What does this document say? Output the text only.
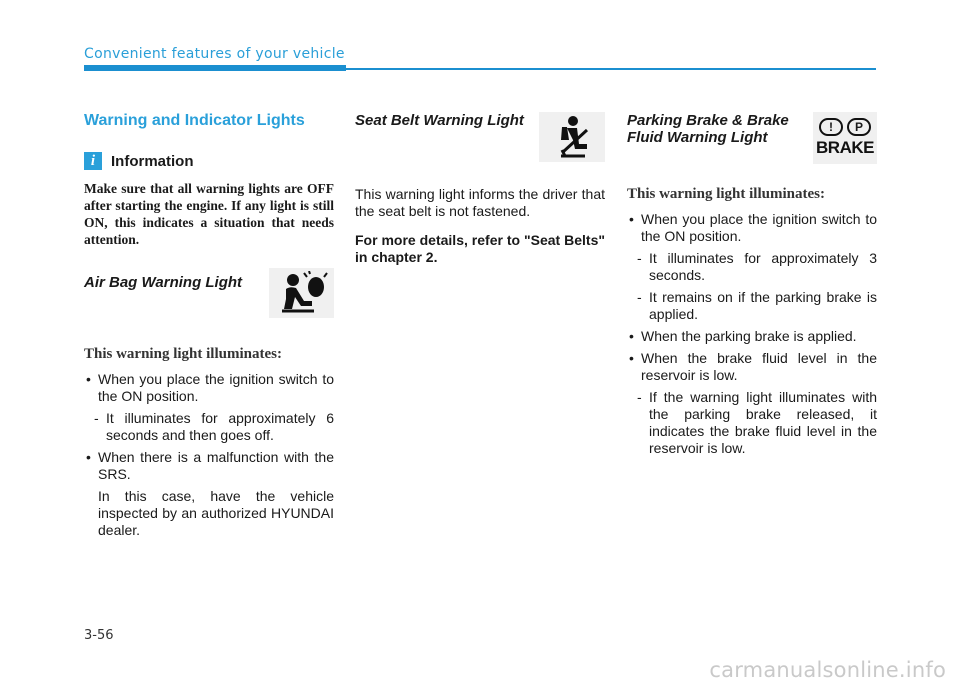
Convenient features of your vehicle
Warning and Indicator Lights
i	Information
Make sure that all warning lights are OFF after starting the engine. If any light is still ON, this indicates a situation that needs attention.
Air Bag Warning Light
This warning light illuminates:
• When you place the ignition switch to the ON position.
- It illuminates for approximately 6 seconds and then goes off.
• When there is a malfunction with the SRS.
In this case, have the vehicle inspected by an authorized HYUNDAI dealer.
Seat Belt Warning Light
This warning light informs the driver that the seat belt is not fastened.
For more details, refer to "Seat Belts" in chapter 2.
Parking Brake & Brake
Fluid Warning Light
!	P
BRAKE
This warning light illuminates:
• When you place the ignition switch to the ON position.
- It illuminates for approximately 3 seconds.
- It remains on if the parking brake is applied.
• When the parking brake is applied.
• When the brake fluid level in the reservoir is low.
- If the warning light illuminates with the parking brake released, it indicates the brake fluid level in the reservoir is low.
3-56
carmanualsonline.info
